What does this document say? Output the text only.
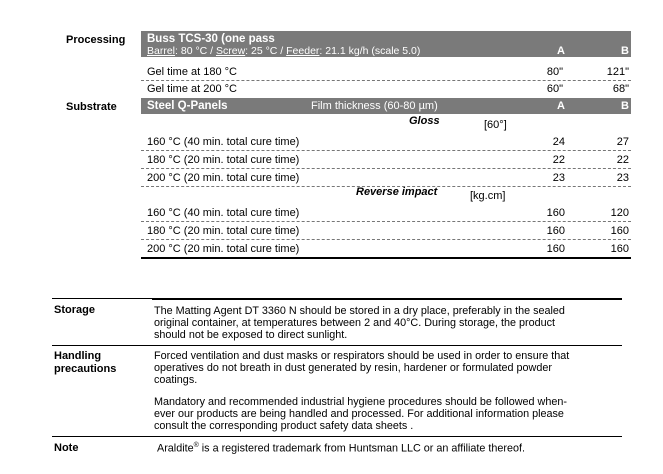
Processing Buss TCS-30 (one pass
Barrel: 80 °C / Screw: 25 °C / Feeder: 21.1 kg/h (scale 5.0)	A	B
Gel time at 180 °C	80"	121"
Gel time at 200 °C	60"	68"
Substrate	Steel Q-Panels	Film thickness (60-80 µm)	A	B
Gloss	[60°]
160 °C (40 min. total cure time)	24	27
180 °C (20 min. total cure time)	22	22
200 °C (20 min. total cure time)	23	23
Reverse impact	[kg.cm]
160 °C (40 min. total cure time)	160	120
180 °C (20 min. total cure time)	160	160
200 °C (20 min. total cure time)	160	160
Storage	The Matting Agent DT 3360 N should be stored in a dry place, preferably in the sealed
original container, at temperatures between 2 and 40°C. During storage, the product
should not be exposed to direct sunlight.
Handling
precautions
Forced ventilation and dust masks or respirators should be used in order to ensure that
operatives do not breath in dust generated by resin, hardener or formulated powder
coatings.
Mandatory and recommended industrial hygiene procedures should be followed when-
ever our products are being handled and processed. For additional information please
consult the corresponding product safety data sheets .
Note	Araldite® is a registered trademark from Huntsman LLC or an affiliate thereof.
